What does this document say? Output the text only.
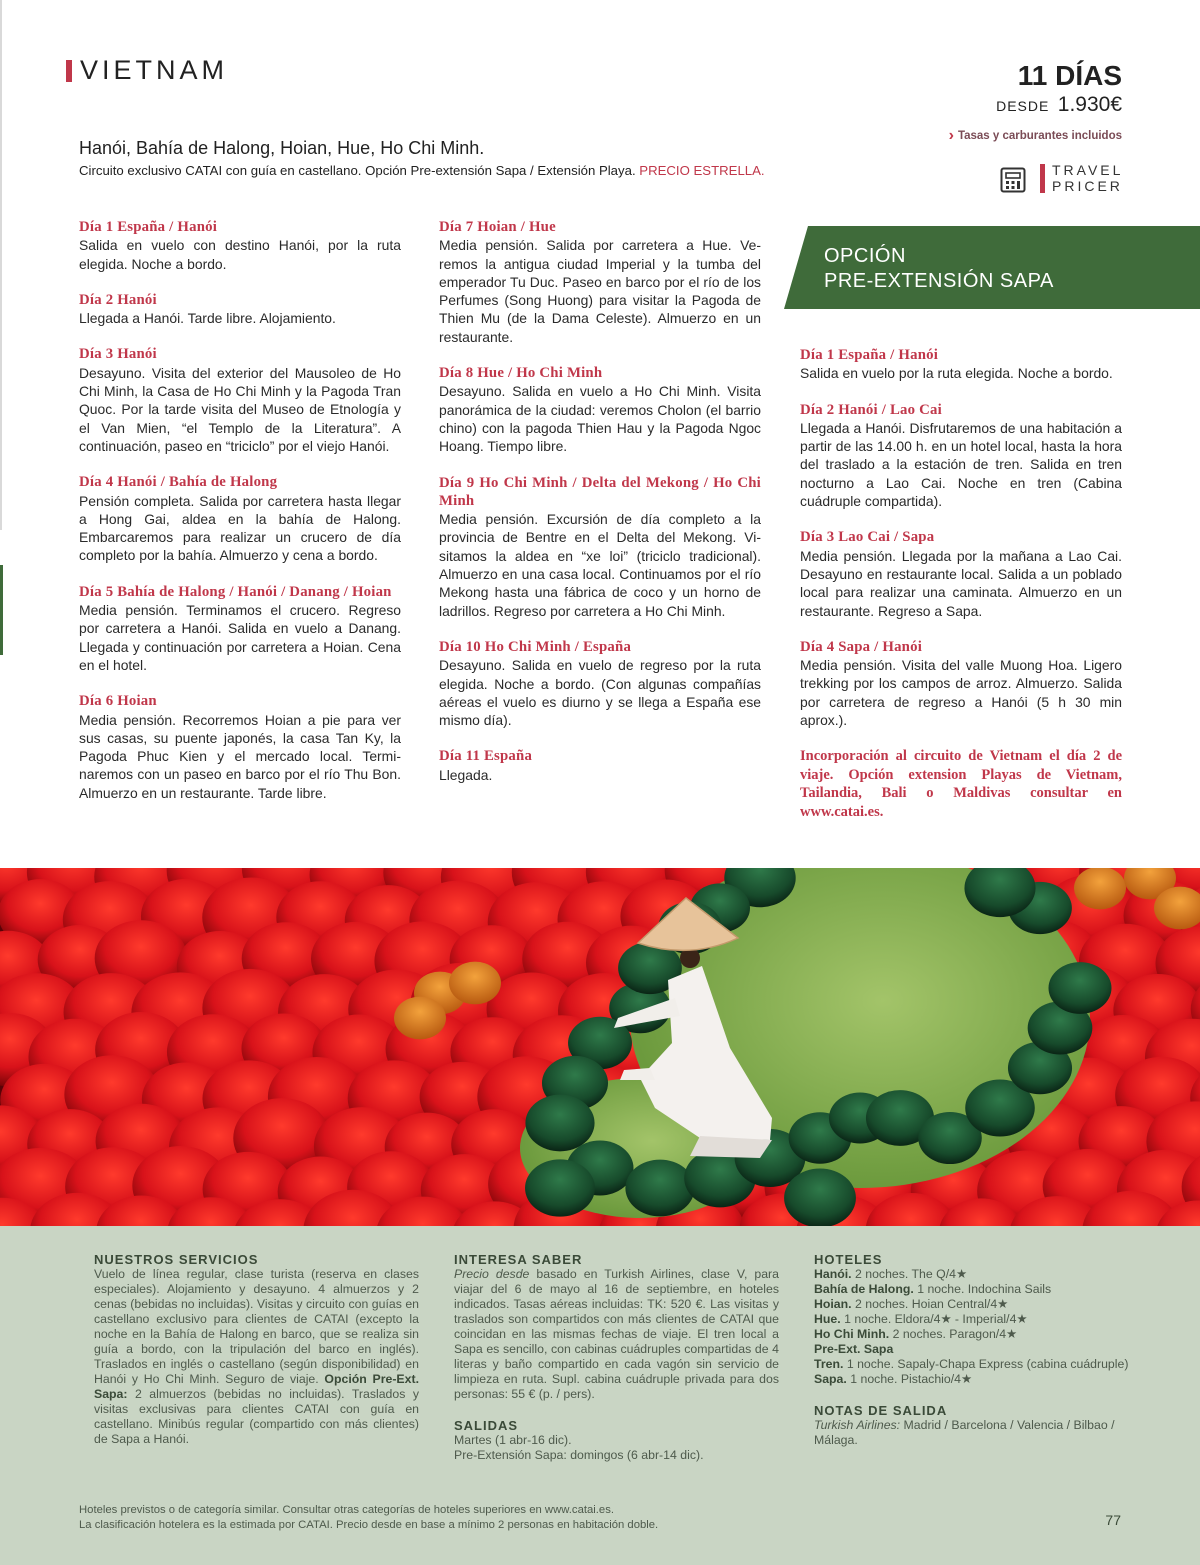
VIETNAM	11 DÍAS
DESDE 1.930€
› Tasas y carburantes incluidos
TRAVEL
PRICER
Hanói, Bahía de Halong, Hoian, Hue, Ho Chi Minh.
Circuito exclusivo CATAI con guía en castellano. Opción Pre-extensión Sapa / Extensión Playa. PRECIO ESTRELLA.
Día 1 España / Hanói
Salida en vuelo con destino Hanói, por la ruta elegida. Noche a bordo.
Día 2 Hanói
Llegada a Hanói. Tarde libre. Alojamiento.
Día 3 Hanói
Desayuno. Visita del exterior del Mausoleo de Ho Chi Minh, la Casa de Ho Chi Minh y la Pagoda Tran Quoc. Por la tarde visita del Museo de Etnología y el Van Mien, “el Templo de la Literatura”. A continuación, paseo en “triciclo” por el viejo Hanói.
Día 4 Hanói / Bahía de Halong
Pensión completa. Salida por carretera hasta llegar a Hong Gai, aldea en la bahía de Halong. Embarcaremos para realizar un crucero de día completo por la bahía. Almuerzo y cena a bordo.
Día 5 Bahía de Halong / Hanói / Danang / Hoian
Media pensión. Terminamos el crucero. Regreso por carretera a Hanói. Salida en vuelo a Danang. Llegada y continuación por carretera a Hoian. Cena en el hotel.
Día 6 Hoian
Media pensión. Recorremos Hoian a pie para ver sus casas, su puente japonés, la casa Tan Ky, la Pagoda Phuc Kien y el mercado local. Terminaremos con un paseo en barco por el río Thu Bon. Almuerzo en un restaurante. Tarde libre.
Día 7 Hoian / Hue
Media pensión. Salida por carretera a Hue. Veremos la antigua ciudad Imperial y la tumba del emperador Tu Duc. Paseo en barco por el río de los Perfumes (Song Huong) para visitar la Pagoda de Thien Mu (de la Dama Celeste). Almuerzo en un restaurante.
Día 8 Hue / Ho Chi Minh
Desayuno. Salida en vuelo a Ho Chi Minh. Visita panorámica de la ciudad: veremos Cholon (el barrio chino) con la pagoda Thien Hau y la Pagoda Ngoc Hoang. Tiempo libre.
Día 9 Ho Chi Minh / Delta del Mekong / Ho Chi Minh
Media pensión. Excursión de día completo a la provincia de Bentre en el Delta del Mekong. Visitamos la aldea en “xe loi” (triciclo tradicional). Almuerzo en una casa local. Continuamos por el río Mekong hasta una fábrica de coco y un horno de ladrillos. Regreso por carretera a Ho Chi Minh.
Día 10 Ho Chi Minh / España
Desayuno. Salida en vuelo de regreso por la ruta elegida. Noche a bordo. (Con algunas compañías aéreas el vuelo es diurno y se llega a España ese mismo día).
Día 11 España
Llegada.
OPCIÓN
PRE-EXTENSIÓN SAPA
Día 1 España / Hanói
Salida en vuelo por la ruta elegida. Noche a bordo.
Día 2 Hanói / Lao Cai
Llegada a Hanói. Disfrutaremos de una habitación a partir de las 14.00 h. en un hotel local, hasta la hora del traslado a la estación de tren. Salida en tren nocturno a Lao Cai. Noche en tren (Cabina cuádruple compartida).
Día 3 Lao Cai / Sapa
Media pensión. Llegada por la mañana a Lao Cai. Desayuno en restaurante local. Salida a un poblado local para realizar una caminata. Almuerzo en un restaurante. Regreso a Sapa.
Día 4 Sapa / Hanói
Media pensión. Visita del valle Muong Hoa. Ligero trekking por los campos de arroz. Almuerzo. Salida por carretera de regreso a Hanói (5 h 30 min aprox.).
Incorporación al circuito de Vietnam el día 2 de viaje. Opción extension Playas de Vietnam, Tailandia, Bali o Maldivas consultar en www.catai.es.
NUESTROS SERVICIOS
Vuelo de línea regular, clase turista (reserva en clases especiales). Alojamiento y desayuno. 4 almuerzos y 2 cenas (bebidas no incluidas). Visitas y circuito con guías en castellano exclusivo para clientes de CATAI (excepto la noche en la Bahía de Halong en barco, que se realiza sin guía a bordo, con la tripulación del barco en inglés). Traslados en inglés o castellano (según disponibilidad) en Hanói y Ho Chi Minh. Seguro de viaje. Opción Pre-Ext. Sapa: 2 almuerzos (bebidas no incluidas). Traslados y visitas exclusivas para clientes CATAI con guía en castellano. Minibús regular (compartido con más clientes) de Sapa a Hanói.
INTERESA SABER
Precio desde basado en Turkish Airlines, clase V, para viajar del 6 de mayo al 16 de septiembre, en hoteles indicados. Tasas aéreas incluidas: TK: 520 €. Las visitas y traslados son compartidos con más clientes de CATAI que coincidan en las mismas fechas de viaje. El tren local a Sapa es sencillo, con cabinas cuádruples compartidas de 4 literas y baño compartido en cada vagón sin servicio de limpieza en ruta. Supl. cabina cuádruple privada para dos personas: 55 € (p. / pers).
SALIDAS
Martes (1 abr-16 dic).
Pre-Extensión Sapa: domingos (6 abr-14 dic).
HOTELES
Hanói. 2 noches. The Q/4★
Bahía de Halong. 1 noche. Indochina Sails
Hoian. 2 noches. Hoian Central/4★
Hue. 1 noche. Eldora/4★ - Imperial/4★
Ho Chi Minh. 2 noches. Paragon/4★
Pre-Ext. Sapa
Tren. 1 noche. Sapaly-Chapa Express (cabina cuádruple)
Sapa. 1 noche. Pistachio/4★
NOTAS DE SALIDA
Turkish Airlines: Madrid / Barcelona / Valencia / Bilbao / Málaga.
Hoteles previstos o de categoría similar. Consultar otras categorías de hoteles superiores en www.catai.es.
La clasificación hotelera es la estimada por CATAI. Precio desde en base a mínimo 2 personas en habitación doble.	77
